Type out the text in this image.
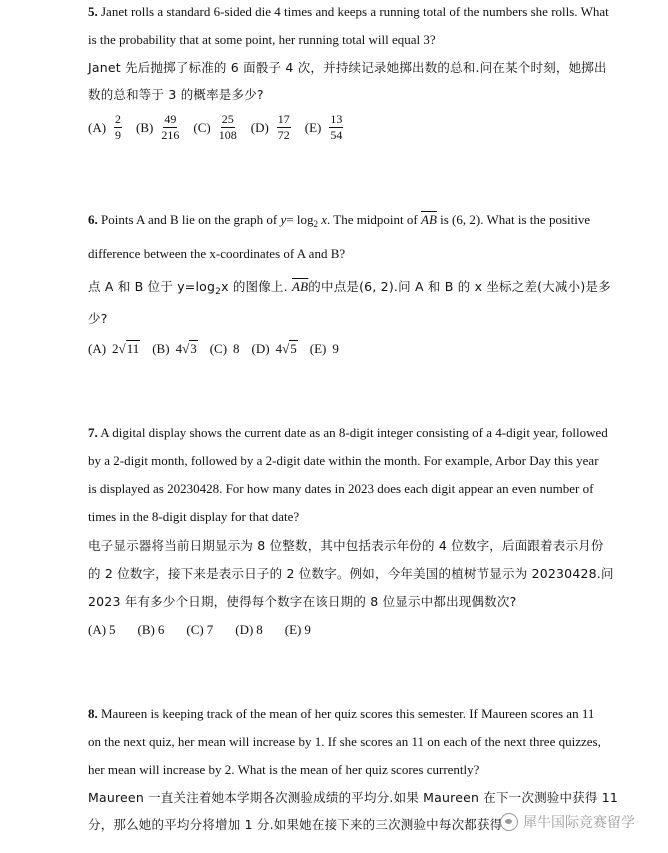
5. Janet rolls a standard 6-sided die 4 times and keeps a running total of the numbers she rolls. What
is the probability that at some point, her running total will equal 3?
Janet 先后抛掷了标准的 6 面骰子 4 次，并持续记录她掷出数的总和.问在某个时刻，她掷出
数的总和等于 3 的概率是多少?
$(A) \frac{2}{9} (B) \frac{49}{216} (C) \frac{25}{108} (D) \frac{17}{72} (E) \frac{13}{54}$
6. Points A and B lie on the graph of $y= \log_2 x$. The midpoint of $\overline{AB}$ is (6, 2). What is the positive
difference between the x-coordinates of A and B?
点 A 和 B 位于 $y=\log_2x$ 的图像上. $\overline{AB}$的中点是(6, 2).问 A 和 B 的 x 坐标之差(大减小)是多
少?
(A) 2 √ 11 (B) 4 √ 3 (C) 8 (D) 4 √ 5 (E) 9
7. A digital display shows the current date as an 8-digit integer consisting of a 4-digit year, followed
by a 2-digit month, followed by a 2-digit date within the month. For example, Arbor Day this year
is displayed as 20230428. For how many dates in 2023 does each digit appear an even number of
times in the 8-digit display for that date?
电子显示器将当前日期显示为 8 位整数，其中包括表示年份的 4 位数字，后面跟着表示月份
的 2 位数字，接下来是表示日子的 2 位数字。例如，今年美国的植树节显示为 20230428.问
2023 年有多少个日期，使得每个数字在该日期的 8 位显示中都出现偶数次?
(A) 5 (B) 6 (C) 7 (D) 8 (E) 9
8. Maureen is keeping track of the mean of her quiz scores this semester. If Maureen scores an 11
on the next quiz, her mean will increase by 1. If she scores an 11 on each of the next three quizzes,
her mean will increase by 2. What is the mean of her quiz scores currently?
Maureen 一直关注着她本学期各次测验成绩的平均分.如果 Maureen 在下一次测验中获得 11
分，那么她的平均分将增加 1 分.如果她在接下来的三次测验中每次都获得 犀牛国际竞赛留学
